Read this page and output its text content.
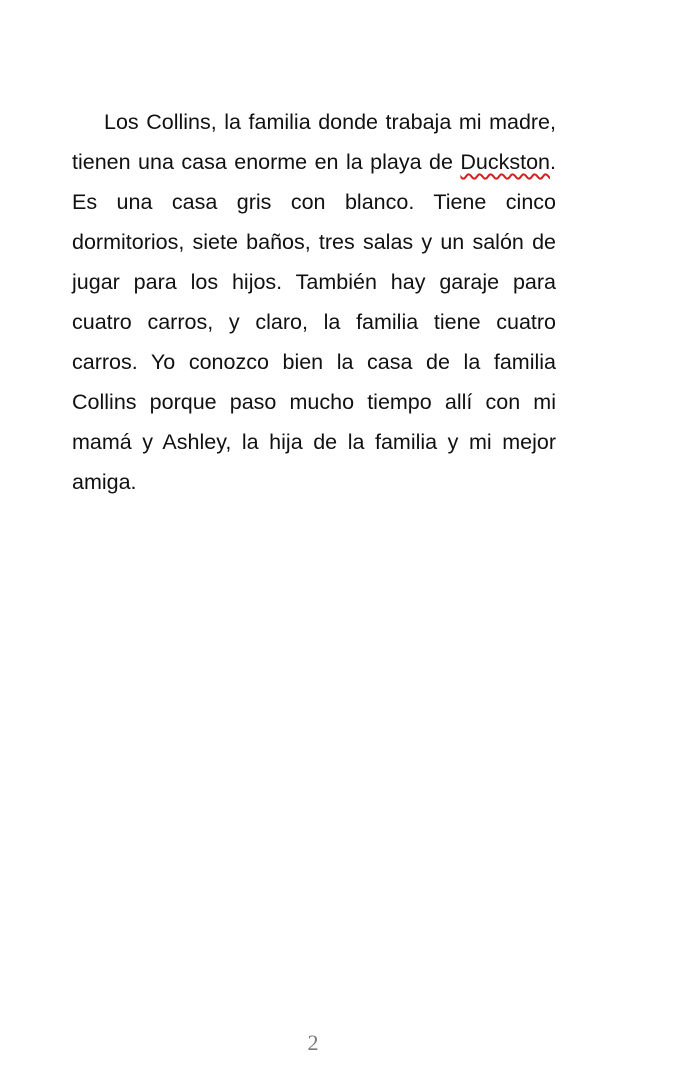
Los Collins, la familia donde trabaja mi madre, tienen una casa enorme en la playa de Duckston. Es una casa gris con blanco. Tiene cinco dormitorios, siete baños, tres salas y un salón de jugar para los hijos. También hay garaje para cuatro carros, y claro, la familia tiene cuatro carros. Yo conozco bien la casa de la familia Collins porque paso mucho tiempo allí con mi mamá y Ashley, la hija de la familia y mi mejor amiga.

2
